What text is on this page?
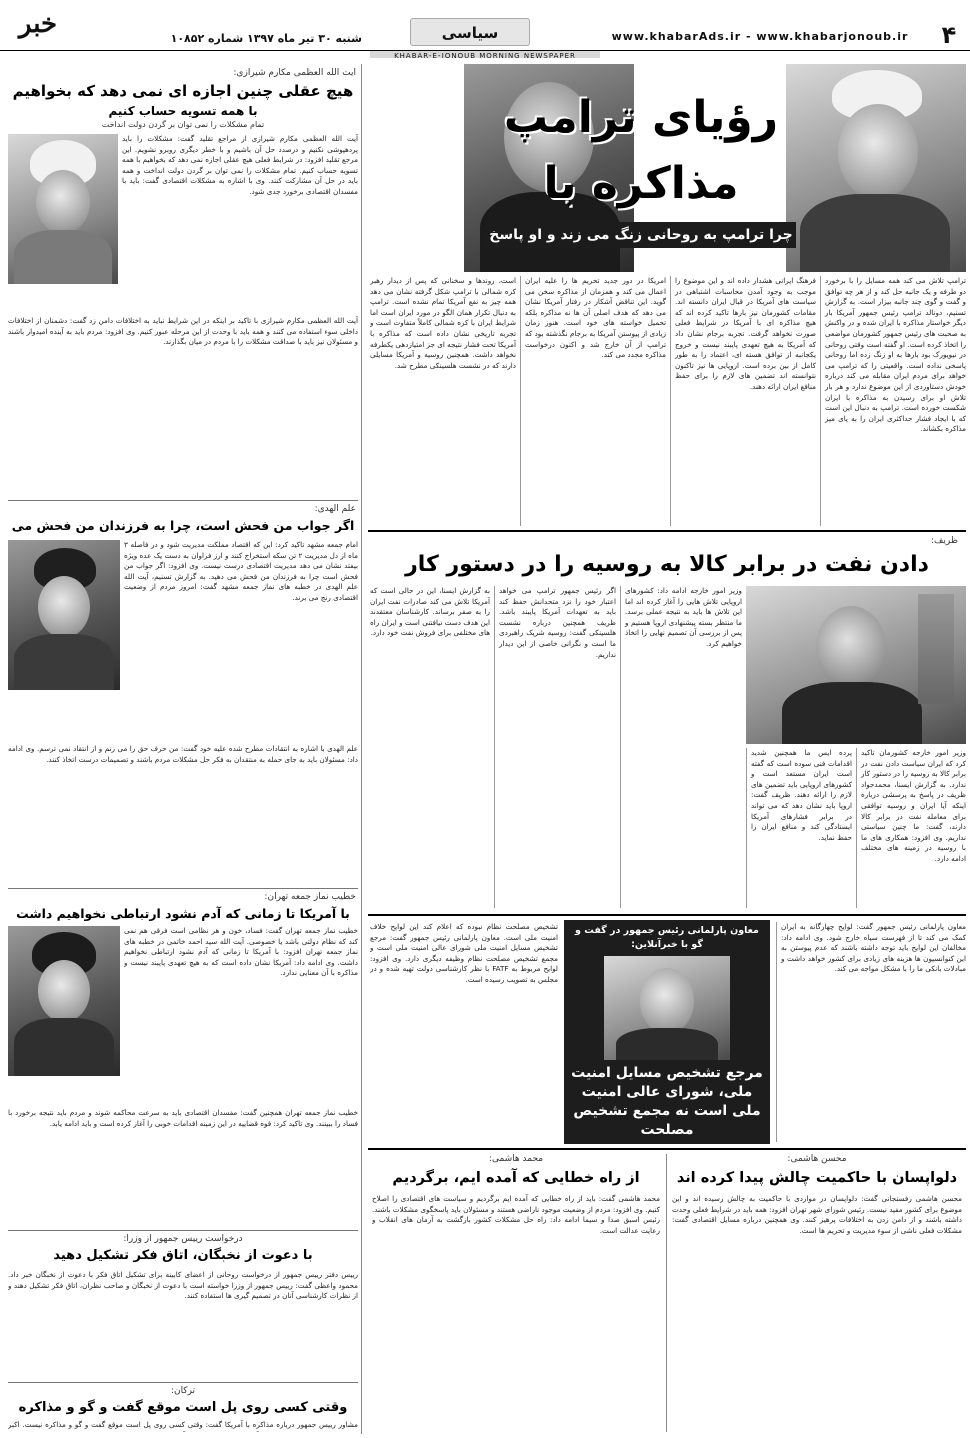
خبر	شنبه ۳۰ تیر ماه ۱۳۹۷ شماره ۱۰۸۵۲	سیاسی	www.khabarAds.ir - www.khabarjonoub.ir	۴
KHABAR-E-JONOUB MORNING NEWSPAPER
آیت الله العظمی مکارم شیرازی:
هیچ عقلی چنین اجازه ای نمی دهد که بخواهیم
با همه تسویه حساب کنیم
تمام مشکلات را نمی توان بر گردن دولت انداخت
آیت الله العظمی مکارم شیرازی از مراجع تقلید گفت: مشکلات را باید پردهپوشی نکنیم و درصدد حل آن باشیم و با خطر دیگری روبرو نشویم. این مرجع تقلید افزود: در شرایط فعلی هیچ عقلی اجازه نمی دهد که بخواهیم با همه تسویه حساب کنیم. تمام مشکلات را نمی توان بر گردن دولت انداخت و همه باید در حل آن مشارکت کنند. وی با اشاره به مشکلات اقتصادی گفت: باید با مفسدان اقتصادی برخورد جدی شود.
آیت الله العظمی مکارم شیرازی با تاکید بر اینکه در این شرایط نباید به اختلافات دامن زد گفت: دشمنان از اختلافات داخلی سوء استفاده می کنند و همه باید با وحدت از این مرحله عبور کنیم. وی افزود: مردم باید به آینده امیدوار باشند و مسئولان نیز باید با صداقت مشکلات را با مردم در میان بگذارند.
علم الهدی:
اگر جواب من فحش است، چرا به فرزندان من فحش می
امام جمعه مشهد تاکید کرد: این که اقتصاد مملکت مدیریت شود و در فاصله ۳ ماه از دل مدیریت ۲ تن سکه استخراج کنند و ارز فراوان به دست یک عده ویژه بیفتد نشان می دهد مدیریت اقتصادی درست نیست. وی افزود: اگر جواب من فحش است چرا به فرزندان من فحش می دهید. به گزارش تسنیم، آیت الله علم الهدی در خطبه های نماز جمعه مشهد گفت: امروز مردم از وضعیت اقتصادی رنج می برند.
علم الهدی با اشاره به انتقادات مطرح شده علیه خود گفت: من حرف حق را می زنم و از انتقاد نمی ترسم. وی ادامه داد: مسئولان باید به جای حمله به منتقدان به فکر حل مشکلات مردم باشند و تصمیمات درست اتخاذ کنند.
خطیب نماز جمعه تهران:
با آمریکا تا زمانی که آدم نشود ارتباطی نخواهیم داشت
خطیب نماز جمعه تهران گفت: فساد، خون و هر نظامی است فرقی هم نمی کند که نظام دولتی باشد یا خصوصی. آیت الله سید احمد خاتمی در خطبه های نماز جمعه تهران افزود: با آمریکا تا زمانی که آدم نشود ارتباطی نخواهیم داشت. وی ادامه داد: آمریکا نشان داده است که به هیچ تعهدی پایبند نیست و مذاکره با آن معنایی ندارد.
خطیب نماز جمعه تهران همچنین گفت: مفسدان اقتصادی باید به سرعت محاکمه شوند و مردم باید نتیجه برخورد با فساد را ببینند. وی تاکید کرد: قوه قضاییه در این زمینه اقدامات خوبی را آغاز کرده است و باید ادامه یابد.
درخواست رییس جمهور از وزرا:
با دعوت از نخبگان، اتاق فکر تشکیل دهید
رییس دفتر رییس جمهور از درخواست روحانی از اعضای کابینه برای تشکیل اتاق فکر با دعوت از نخبگان خبر داد. محمود واعظی گفت: رییس جمهور از وزرا خواسته است با دعوت از نخبگان و صاحب نظران، اتاق فکر تشکیل دهند و از نظرات کارشناسی آنان در تصمیم گیری ها استفاده کنند.
ترکان:
وقتی کسی روی پل است موقع گفت و گو و مذاکره
مشاور رییس جمهور درباره مذاکره با آمریکا گفت: وقتی کسی روی پل است موقع گفت و گو و مذاکره نیست. اکبر
رؤیای ترامپ
مذاکره با
چرا ترامپ به روحانی زنگ می زند و او پاسخ
ترامپ تلاش می کند همه مسایل را با برخورد دو طرفه و یک جانبه حل کند و از هر چه توافق و گفت و گوی چند جانبه بیزار است. به گزارش تسنیم، دونالد ترامپ رئیس جمهور آمریکا بار دیگر خواستار مذاکره با ایران شده و در واکنش به صحبت های رئیس جمهور کشورمان مواضعی را اتخاذ کرده است. او گفته است وقتی روحانی در نیویورک بود بارها به او زنگ زده اما روحانی پاسخی نداده است. واقعیتی را که ترامپ می خواهد برای مردم ایران مقابله می کند درباره خودش دستاوردی از این موضوع ندارد و هر بار تلاش او برای رسیدن به مذاکره با ایران شکست خورده است. ترامپ به دنبال این است که با ایجاد فشار حداکثری ایران را به پای میز مذاکره بکشاند.
فرهنگ ایرانی هشدار داده اند و این موضوع را موجب به وجود آمدن محاسبات اشتباهی در سیاست های آمریکا در قبال ایران دانسته اند. مقامات کشورمان نیز بارها تاکید کرده اند که هیچ مذاکره ای با آمریکا در شرایط فعلی صورت نخواهد گرفت. تجربه برجام نشان داد که آمریکا به هیچ تعهدی پایبند نیست و خروج یکجانبه از توافق هسته ای، اعتماد را به طور کامل از بین برده است. اروپایی ها نیز تاکنون نتوانسته اند تضمین های لازم را برای حفظ منافع ایران ارائه دهند.
امریکا در دور جدید تحریم ها را علیه ایران اعمال می کند و همزمان از مذاکره سخن می گوید. این تناقض آشکار در رفتار آمریکا نشان می دهد که هدف اصلی آن ها نه مذاکره بلکه تحمیل خواسته های خود است. هنوز زمان زیادی از پیوستن آمریکا به برجام نگذشته بود که ترامپ از آن خارج شد و اکنون درخواست مذاکره مجدد می کند.
است، روندها و سخنانی که پس از دیدار رهبر کره شمالی با ترامپ شکل گرفته نشان می دهد همه چیز به نفع آمریکا تمام نشده است. ترامپ به دنبال تکرار همان الگو در مورد ایران است اما شرایط ایران با کره شمالی کاملاً متفاوت است و تجربه تاریخی نشان داده است که مذاکره با آمریکا تحت فشار نتیجه ای جز امتیازدهی یکطرفه نخواهد داشت. همچنین روسیه و آمریکا مسایلی دارند که در نشست هلسینکی مطرح شد.
ظریف:
دادن نفت در برابر کالا به روسیه را در دستور کار
وزیر امور خارجه کشورمان تاکید کرد که ایران سیاست دادن نفت در برابر کالا به روسیه را در دستور کار ندارد. به گزارش ایسنا، محمدجواد ظریف در پاسخ به پرسشی درباره اینکه آیا ایران و روسیه توافقی برای معامله نفت در برابر کالا دارند، گفت: ما چنین سیاستی نداریم. وی افزود: همکاری های ما با روسیه در زمینه های مختلف ادامه دارد.
پرده ایس ما همچنین شدید اقدامات فنی سوده است که گفته است ایران مستعد است و کشورهای اروپایی باید تضمین های لازم را ارائه دهند. ظریف گفت: اروپا باید نشان دهد که می تواند در برابر فشارهای آمریکا ایستادگی کند و منافع ایران را حفظ نماید.
وزیر امور خارجه ادامه داد: کشورهای اروپایی تلاش هایی را آغاز کرده اند اما این تلاش ها باید به نتیجه عملی برسد. ما منتظر بسته پیشنهادی اروپا هستیم و پس از بررسی آن تصمیم نهایی را اتخاذ خواهیم کرد.
اگر رئیس جمهور ترامپ می خواهد اعتبار خود را نزد متحدانش حفظ کند باید به تعهدات آمریکا پایبند باشد. ظریف همچنین درباره نشست هلسینکی گفت: روسیه شریک راهبردی ما است و نگرانی خاصی از این دیدار نداریم.
به گزارش ایسنا، این در حالی است که آمریکا تلاش می کند صادرات نفت ایران را به صفر برساند. کارشناسان معتقدند این هدف دست نیافتنی است و ایران راه های مختلفی برای فروش نفت خود دارد.
معاون پارلمانی رئیس جمهور گفت: لوایح چهارگانه به ایران کمک می کند تا از فهرست سیاه خارج شود. وی ادامه داد: مخالفان این لوایح باید توجه داشته باشند که عدم پیوستن به این کنوانسیون ها هزینه های زیادی برای کشور خواهد داشت و مبادلات بانکی ما را با مشکل مواجه می کند.
معاون پارلمانی رئیس جمهور در گفت و گو با خبرآنلاین:
مرجع تشخیص مسایل امنیت ملی، شورای عالی امنیت ملی است نه مجمع تشخیص مصلحت
تشخیص مصلحت نظام نبوده که اعلام کند این لوایح خلاف امنیت ملی است. معاون پارلمانی رئیس جمهور گفت: مرجع تشخیص مسایل امنیت ملی شورای عالی امنیت ملی است و مجمع تشخیص مصلحت نظام وظیفه دیگری دارد. وی افزود: لوایح مربوط به FATF با نظر کارشناسی دولت تهیه شده و در مجلس به تصویب رسیده است.
محسن هاشمی:
دلواپسان با حاکمیت چالش پیدا کرده اند
محسن هاشمی رفسنجانی گفت: دلواپسان در مواردی با حاکمیت به چالش رسیده اند و این موضوع برای کشور مفید نیست. رئیس شورای شهر تهران افزود: همه باید در شرایط فعلی وحدت داشته باشند و از دامن زدن به اختلافات پرهیز کنند. وی همچنین درباره مسایل اقتصادی گفت: مشکلات فعلی ناشی از سوء مدیریت و تحریم ها است.
محمد هاشمی:
از راه خطایی که آمده ایم، برگردیم
محمد هاشمی گفت: باید از راه خطایی که آمده ایم برگردیم و سیاست های اقتصادی را اصلاح کنیم. وی افزود: مردم از وضعیت موجود ناراضی هستند و مسئولان باید پاسخگوی مشکلات باشند. رئیس اسبق صدا و سیما ادامه داد: راه حل مشکلات کشور بازگشت به آرمان های انقلاب و رعایت عدالت است.
